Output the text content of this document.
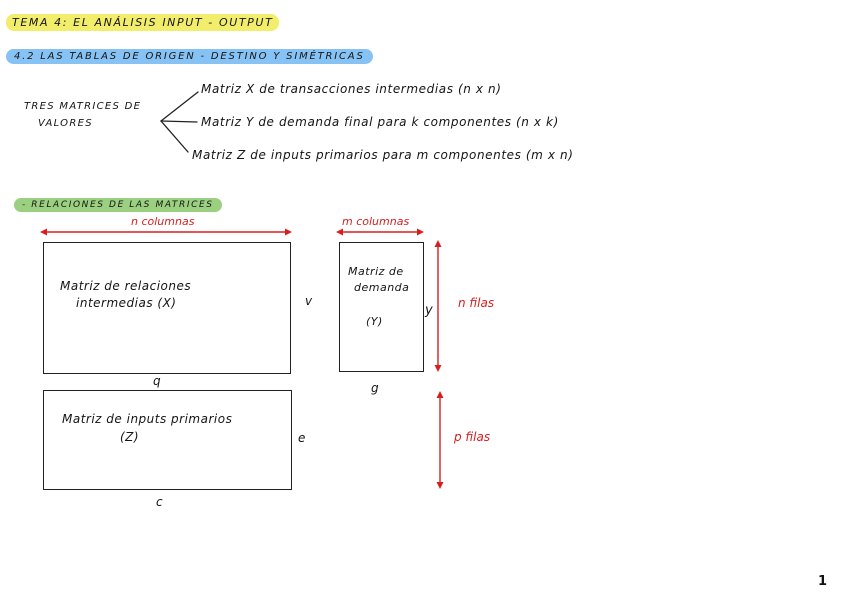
TEMA 4: EL ANÁLISIS INPUT - OUTPUT
4.2 LAS TABLAS DE ORIGEN - DESTINO Y SIMÉTRICAS
TRES MATRICES DE
VALORES
Matriz X de transacciones intermedias (n x n)
Matriz Y de demanda final para k componentes (n x k)
Matriz Z de inputs primarios para m componentes (m x n)
- RELACIONES DE LAS MATRICES
n columnas	m columnas
Matriz de relaciones
intermedias (X)	v
q
Matriz de
demanda
(Y)
y
g
n filas
Matriz de inputs primarios
(Z)	e
c
p filas
1
